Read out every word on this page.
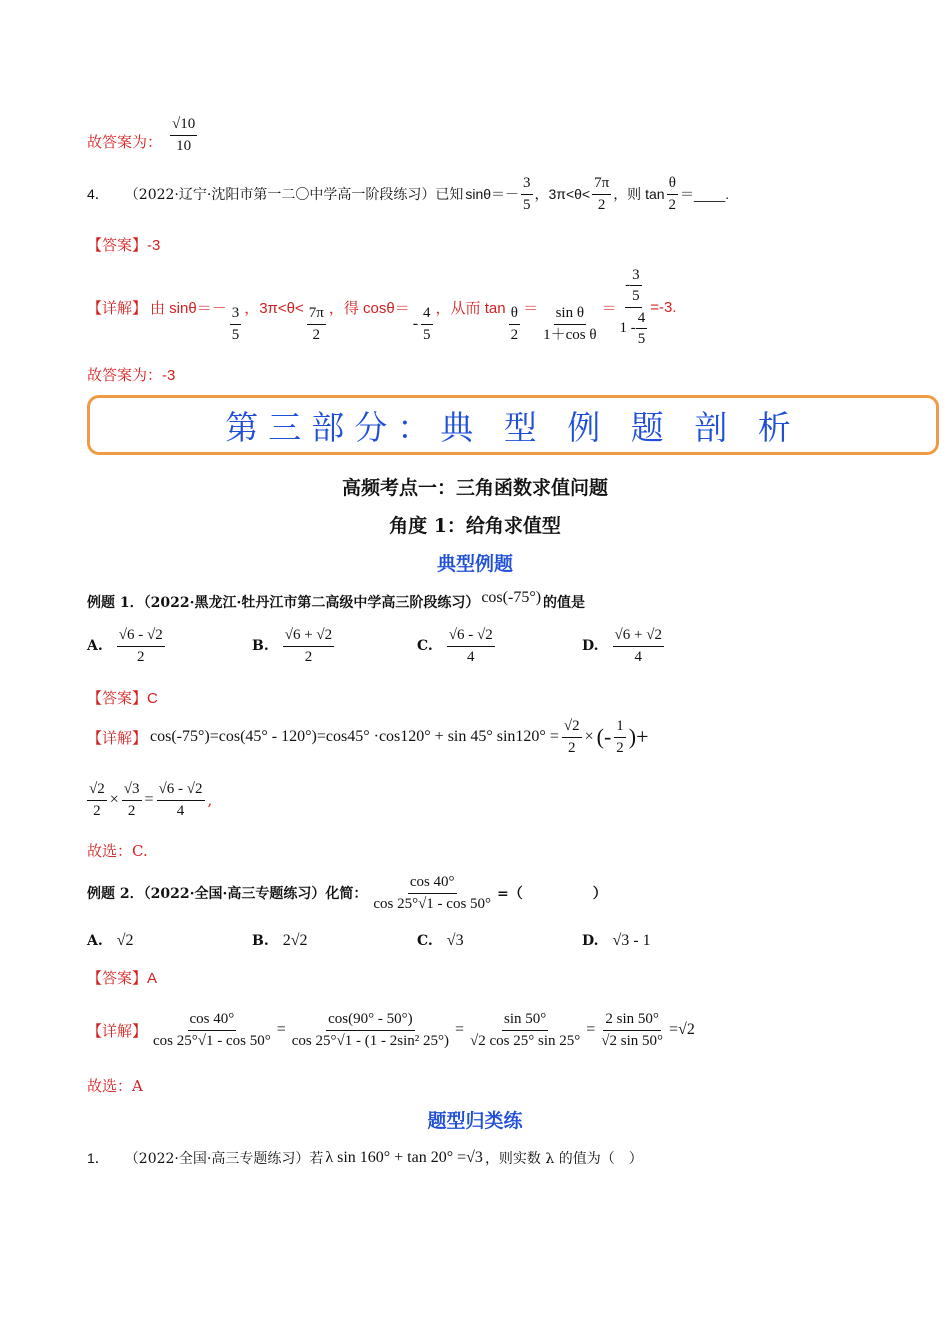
故答案为： $\frac{√10}{10}$
4． （2022·辽宁·沈阳市第一二〇中学高一阶段练习）已知 $\sin\theta=- \frac{3}{5}$ ，$3\pi<\theta< \frac{7\pi}{2}$ ，则 $\tan \frac{\theta}{2}$ ＝____.
【答案】-3
【详解】 由 $\sin\theta=- \frac{3}{5}$ ，$3\pi<\theta< \frac{7\pi}{2}$ ，得 cosθ＝
- $\frac{4}{5}$ ，从而 $\tan \frac{\theta}{2} = \frac{\text{sin θ}}{\text{1＋cos θ}} = \frac{- \frac{3}{5}}{1 - \frac{4}{5}} =-3$.
故答案为：-3
第三部分：典 型 例 题 剖 析
高频考点一：三角函数求值问题
角度 1：给角求值型
典型例题
例题 1．（2022·黑龙江·牡丹江市第二高级中学高三阶段练习） cos(-75°) 的值是
A. $\frac{√6 - √2}{2}$	B. $\frac{√6 + √2}{2}$	C. $\frac{√6 - √2}{4}$	D. $\frac{√6 + √2}{4}$
【答案】C
【详解】 cos(-75°)=cos(45° - 120°)=cos45° ·cos120° + sin 45° $\sin 120^\circ = \frac{√2}{2}$ × (- $\frac{1}{2}$ )+
$\frac{√2}{2} \times \frac{√3}{2} = \frac{√6 - √2}{4}$ ,
故选：C.
例题 2．（2022·全国·高三专题练习）化简： $\frac{\cos 40^\circ}{\cos 25^\circ√1 - \cos 50^\circ}$ =（　　　　　）
A. √2	B. 2√2	C. √3	D. √3 - 1
【答案】A
【详解】 $\frac{\cos 40^\circ}{\cos 25^\circ√1 - \cos 50^\circ} = \frac{\cos(90^\circ - 50^\circ)}{\text{cos 25°√1 - (1 - 2sin² 25°)}} = \frac{\sin 50^\circ}{√2 \cos 25^\circ \sin 25^\circ} = \frac{2 \sin 50^\circ}{√2 \sin 50^\circ} =√2$
故选：A
题型归类练
1． （2022·全国·高三专题练习）若 λ sin 160° + tan 20° =√3 ，则实数 λ 的值为（　）
